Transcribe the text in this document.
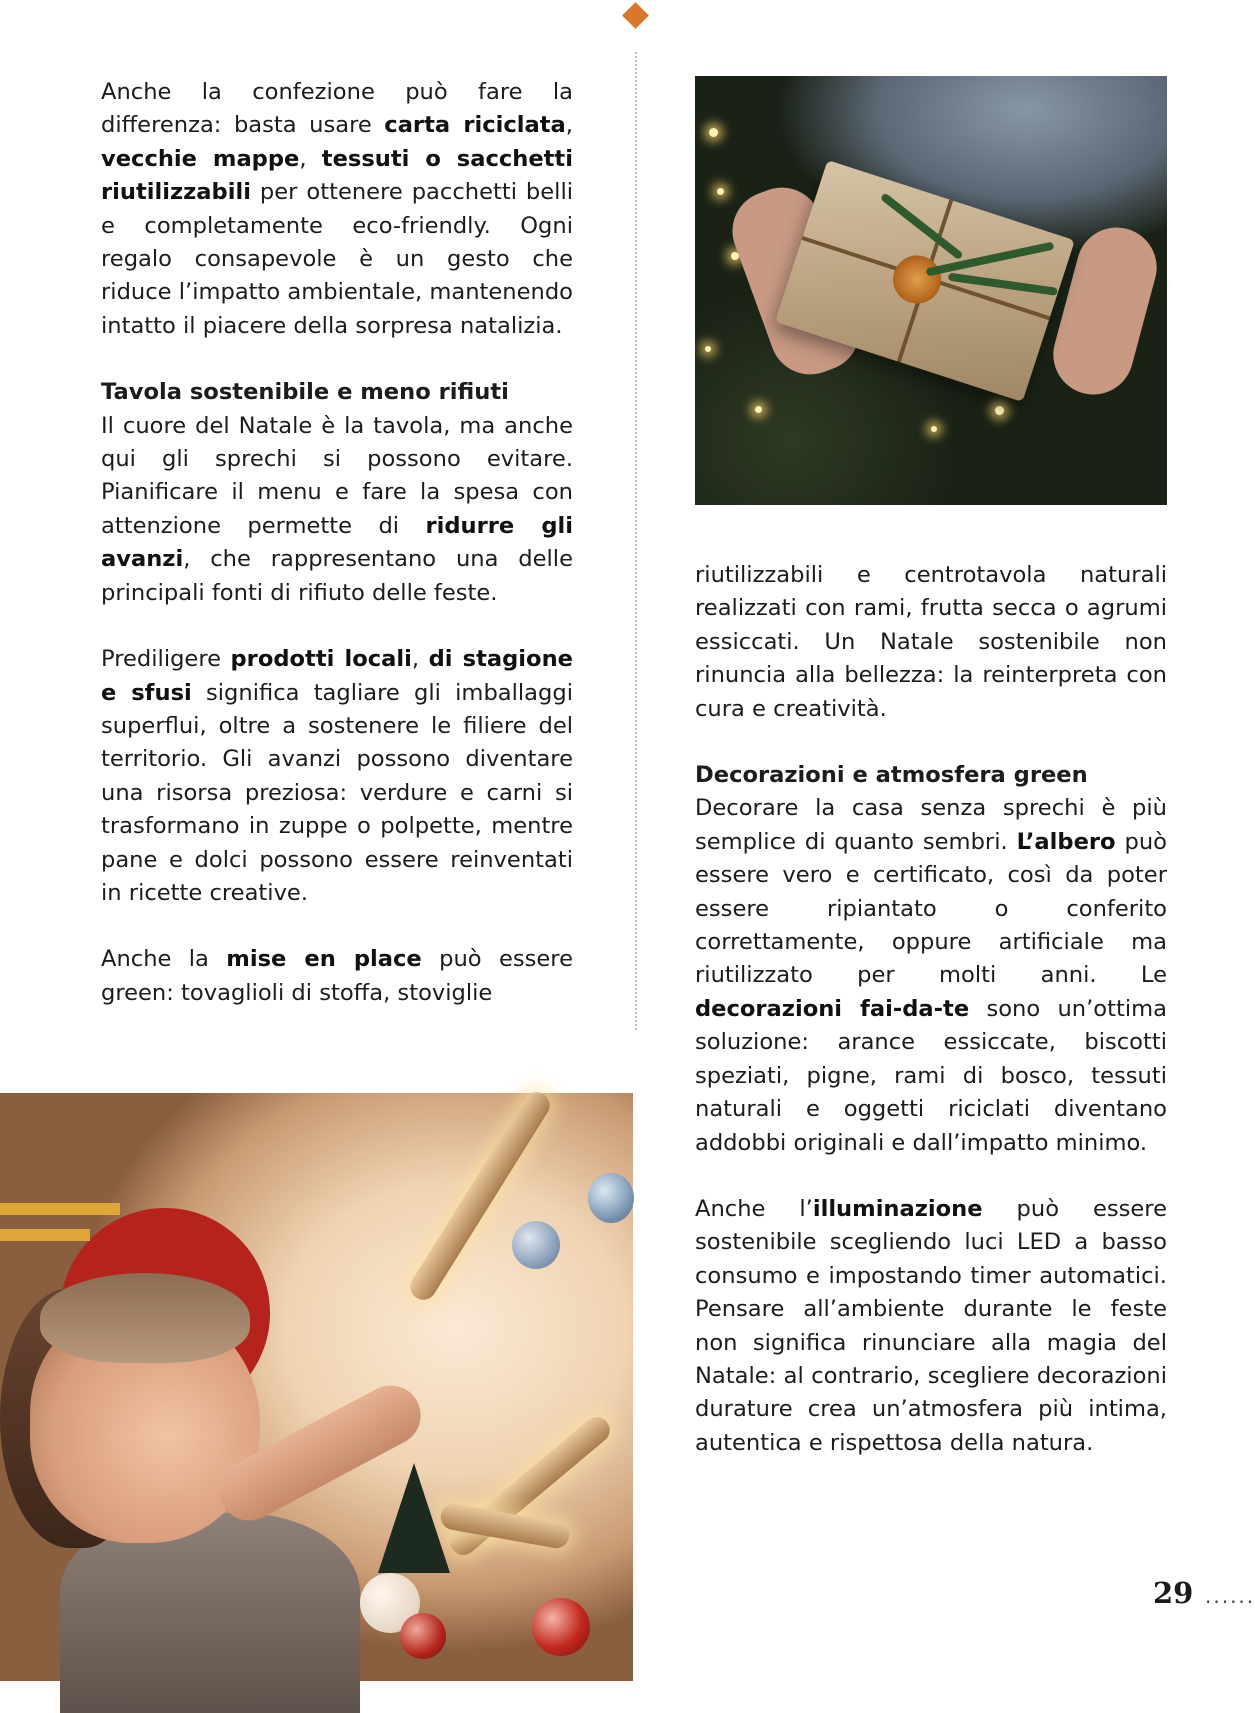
Anche la confezione può fare la differenza: basta usare carta riciclata, vecchie mappe, tessuti o sacchetti riutilizzabili per ottenere pacchetti belli e completamente eco-friendly. Ogni regalo consapevole è un gesto che riduce l’impatto ambientale, mantenendo intatto il piacere della sorpresa natalizia.

Tavola sostenibile e meno rifiuti

Il cuore del Natale è la tavola, ma anche qui gli sprechi si possono evitare. Pianificare il menu e fare la spesa con attenzione permette di ridurre gli avanzi, che rappresentano una delle principali fonti di rifiuto delle feste.

Prediligere prodotti locali, di stagione e sfusi significa tagliare gli imballaggi superflui, oltre a sostenere le filiere del territorio. Gli avanzi possono diventare una risorsa preziosa: verdure e carni si trasformano in zuppe o polpette, mentre pane e dolci possono essere reinventati in ricette creative.

Anche la mise en place può essere green: tovaglioli di stoffa, stoviglie

riutilizzabili e centrotavola naturali realizzati con rami, frutta secca o agrumi essiccati. Un Natale sostenibile non rinuncia alla bellezza: la reinterpreta con cura e creatività.

Decorazioni e atmosfera green

Decorare la casa senza sprechi è più semplice di quanto sembri. L’albero può essere vero e certificato, così da poter essere ripiantato o conferito correttamente, oppure artificiale ma riutilizzato per molti anni. Le decorazioni fai-da-te sono un’ottima soluzione: arance essiccate, biscotti speziati, pigne, rami di bosco, tessuti naturali e oggetti riciclati diventano addobbi originali e dall’impatto minimo.

Anche l’illuminazione può essere sostenibile scegliendo luci LED a basso consumo e impostando timer automatici. Pensare all’ambiente durante le feste non significa rinunciare alla magia del Natale: al contrario, scegliere decorazioni durature crea un’atmosfera più intima, autentica e rispettosa della natura.

29 ......
